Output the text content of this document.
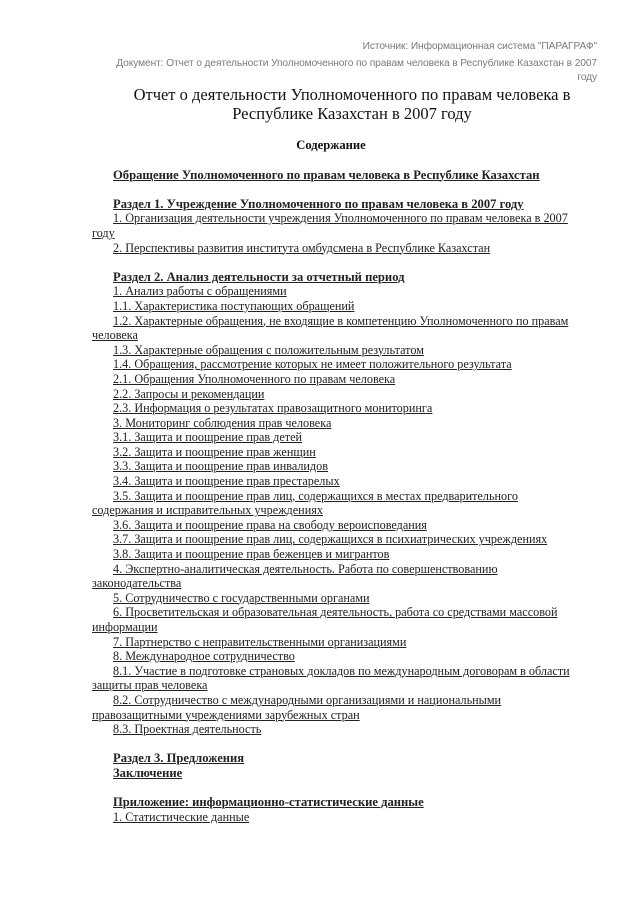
Источник: Информационная система "ПАРАГРАФ"
Документ: Отчет о деятельности Уполномоченного по правам человека в Республике Казахстан в 2007 году
Отчет о деятельности Уполномоченного по правам человека в Республике Казахстан в 2007 году
Содержание
Обращение Уполномоченного по правам человека в Республике Казахстан
Раздел 1. Учреждение Уполномоченного по правам человека в 2007 году
1. Организация деятельности учреждения Уполномоченного по правам человека в 2007 году
2. Перспективы развития института омбудсмена в Республике Казахстан
Раздел 2. Анализ деятельности за отчетный период
1. Анализ работы с обращениями
1.1. Характеристика поступающих обращений
1.2. Характерные обращения, не входящие в компетенцию Уполномоченного по правам человека
1.3. Характерные обращения с положительным результатом
1.4. Обращения, рассмотрение которых не имеет положительного результата
2.1. Обращения Уполномоченного по правам человека
2.2. Запросы и рекомендации
2.3. Информация о результатах правозащитного мониторинга
3. Мониторинг соблюдения прав человека
3.1. Защита и поощрение прав детей
3.2. Защита и поощрение прав женщин
3.3. Защита и поощрение прав инвалидов
3.4. Защита и поощрение прав престарелых
3.5. Защита и поощрение прав лиц, содержащихся в местах предварительного содержания и исправительных учреждениях
3.6. Защита и поощрение права на свободу вероисповедания
3.7. Защита и поощрение прав лиц, содержащихся в психиатрических учреждениях
3.8. Защита и поощрение прав беженцев и мигрантов
4. Экспертно-аналитическая деятельность. Работа по совершенствованию законодательства
5. Сотрудничество с государственными органами
6. Просветительская и образовательная деятельность, работа со средствами массовой информации
7. Партнерство с неправительственными организациями
8. Международное сотрудничество
8.1. Участие в подготовке страновых докладов по международным договорам в области защиты прав человека
8.2. Сотрудничество с международными организациями и национальными правозащитными учреждениями зарубежных стран
8.3. Проектная деятельность
Раздел 3. Предложения
Заключение
Приложение: информационно-статистические данные
1. Статистические данные
